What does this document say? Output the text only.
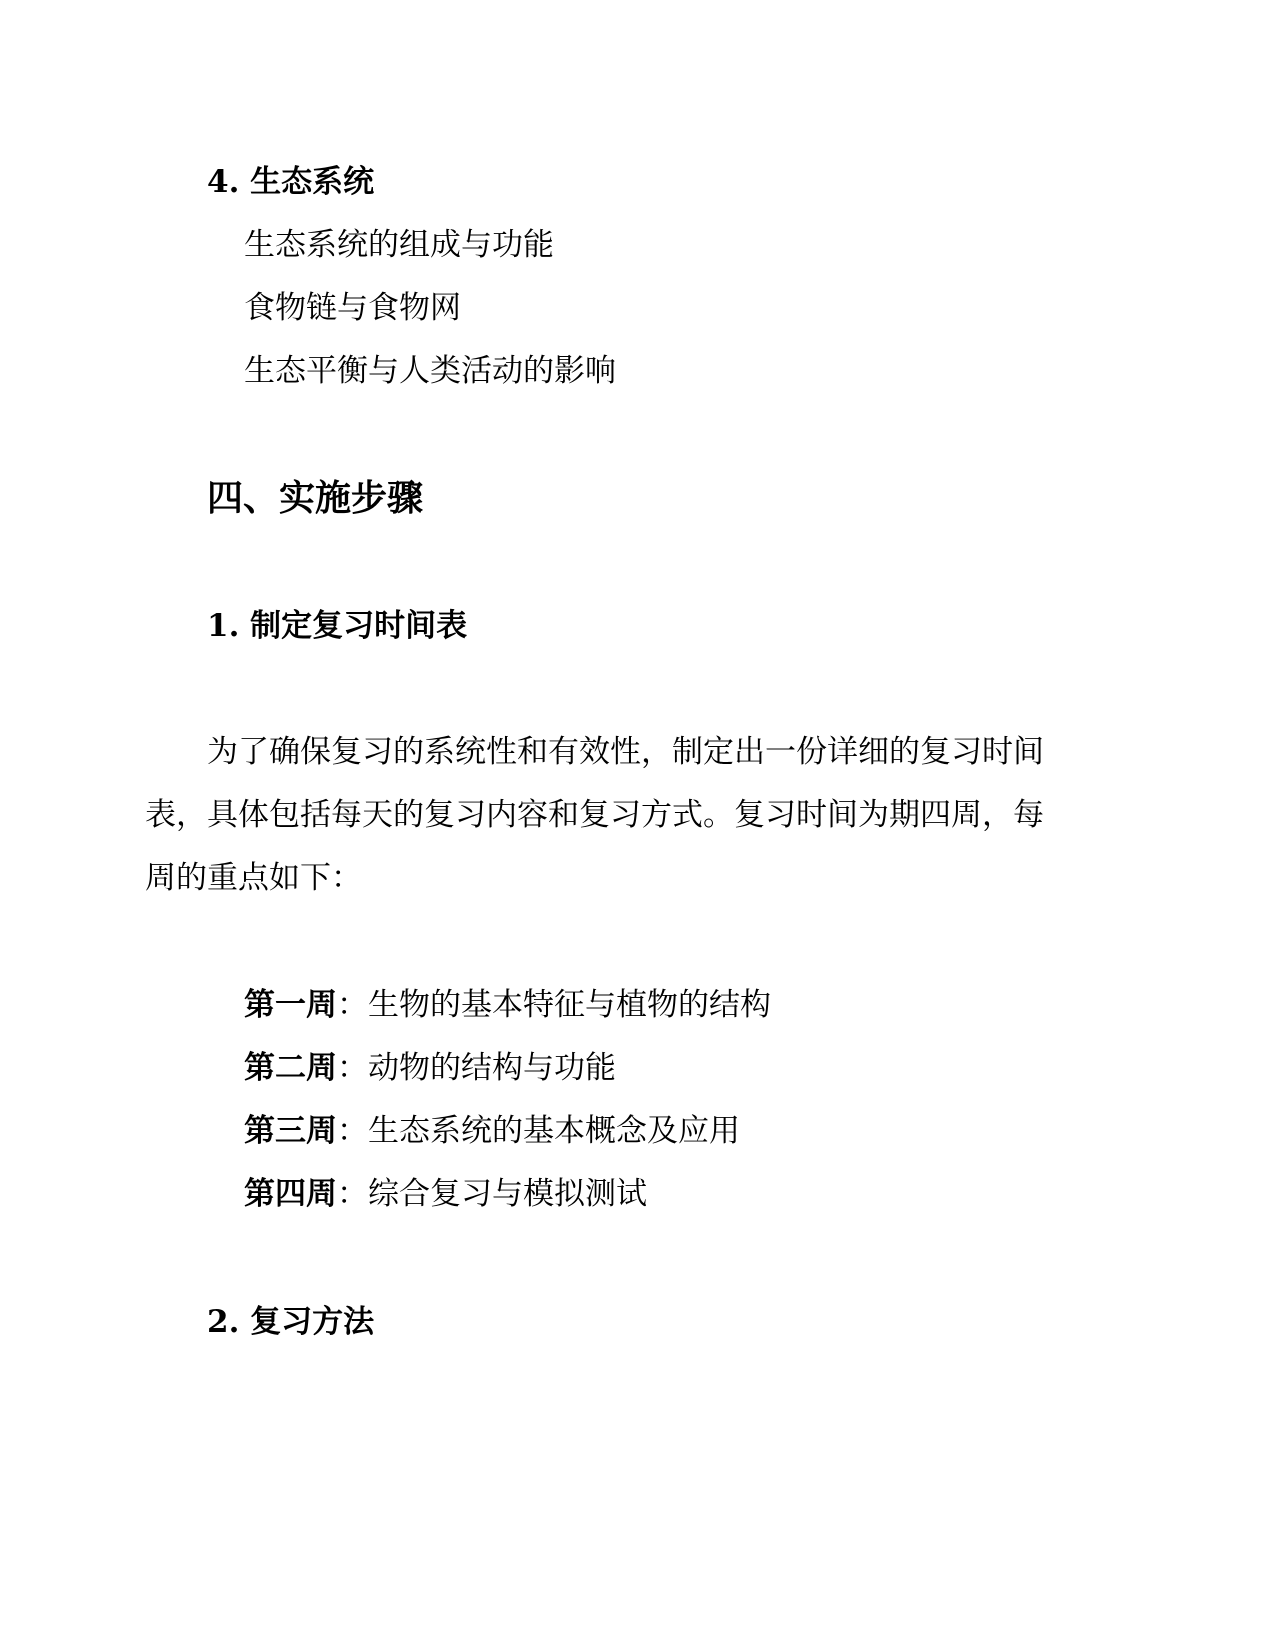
4. 生态系统
生态系统的组成与功能
食物链与食物网
生态平衡与人类活动的影响
四、实施步骤
1. 制定复习时间表
为了确保复习的系统性和有效性，制定出一份详细的复习时间
表，具体包括每天的复习内容和复习方式。复习时间为期四周，每
周的重点如下：
第一周：生物的基本特征与植物的结构
第二周：动物的结构与功能
第三周：生态系统的基本概念及应用
第四周：综合复习与模拟测试
2. 复习方法
